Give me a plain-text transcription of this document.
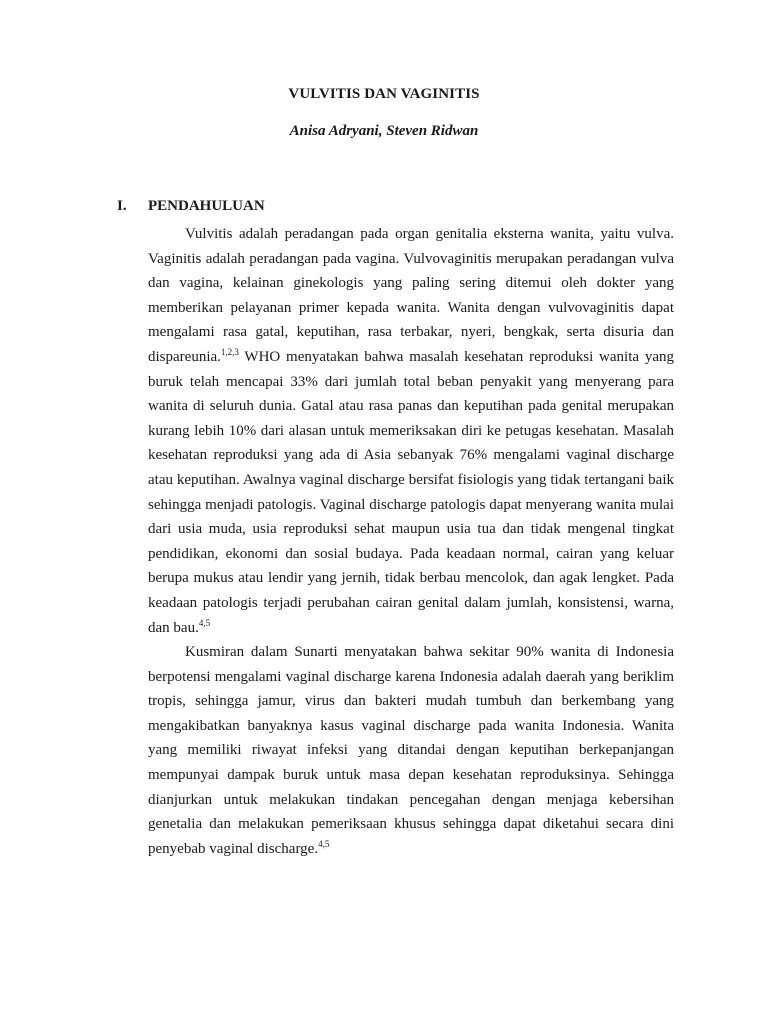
VULVITIS DAN VAGINITIS
Anisa Adryani, Steven Ridwan
I. PENDAHULUAN

Vulvitis adalah peradangan pada organ genitalia eksterna wanita, yaitu vulva. Vaginitis adalah peradangan pada vagina. Vulvovaginitis merupakan peradangan vulva dan vagina, kelainan ginekologis yang paling sering ditemui oleh dokter yang memberikan pelayanan primer kepada wanita. Wanita dengan vulvovaginitis dapat mengalami rasa gatal, keputihan, rasa terbakar, nyeri, bengkak, serta disuria dan dispareunia.$^{1,2,3}$ WHO menyatakan bahwa masalah kesehatan reproduksi wanita yang buruk telah mencapai 33% dari jumlah total beban penyakit yang menyerang para wanita di seluruh dunia. Gatal atau rasa panas dan keputihan pada genital merupakan kurang lebih 10% dari alasan untuk memeriksakan diri ke petugas kesehatan. Masalah kesehatan reproduksi yang ada di Asia sebanyak 76% mengalami vaginal discharge atau keputihan. Awalnya vaginal discharge bersifat fisiologis yang tidak tertangani baik sehingga menjadi patologis. Vaginal discharge patologis dapat menyerang wanita mulai dari usia muda, usia reproduksi sehat maupun usia tua dan tidak mengenal tingkat pendidikan, ekonomi dan sosial budaya. Pada keadaan normal, cairan yang keluar berupa mukus atau lendir yang jernih, tidak berbau mencolok, dan agak lengket. Pada keadaan patologis terjadi perubahan cairan genital dalam jumlah, konsistensi, warna, dan bau.$^{4,5}$

Kusmiran dalam Sunarti menyatakan bahwa sekitar 90% wanita di Indonesia berpotensi mengalami vaginal discharge karena Indonesia adalah daerah yang beriklim tropis, sehingga jamur, virus dan bakteri mudah tumbuh dan berkembang yang mengakibatkan banyaknya kasus vaginal discharge pada wanita Indonesia. Wanita yang memiliki riwayat infeksi yang ditandai dengan keputihan berkepanjangan mempunyai dampak buruk untuk masa depan kesehatan reproduksinya. Sehingga dianjurkan untuk melakukan tindakan pencegahan dengan menjaga kebersihan genetalia dan melakukan pemeriksaan khusus sehingga dapat diketahui secara dini penyebab vaginal discharge.$^{4,5}$
